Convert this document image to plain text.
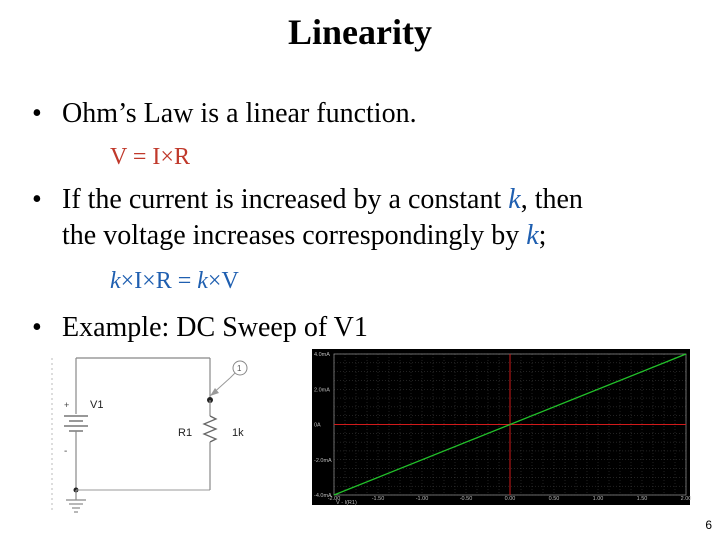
Linearity
• Ohm’s Law is a linear function.
V = I×R
• If the current is increased by a constant k, then
the voltage increases correspondingly by k;
k×I×R = k×V
• Example: DC Sweep of V1
+
-
V1
R1	1k
1
4.0mA
2.0mA
0A
-2.0mA
-4.0mA
-2.00	-1.50	-1.00	-0.50	0.00	0.50	1.00	1.50	2.00
V - I(R1)
6
